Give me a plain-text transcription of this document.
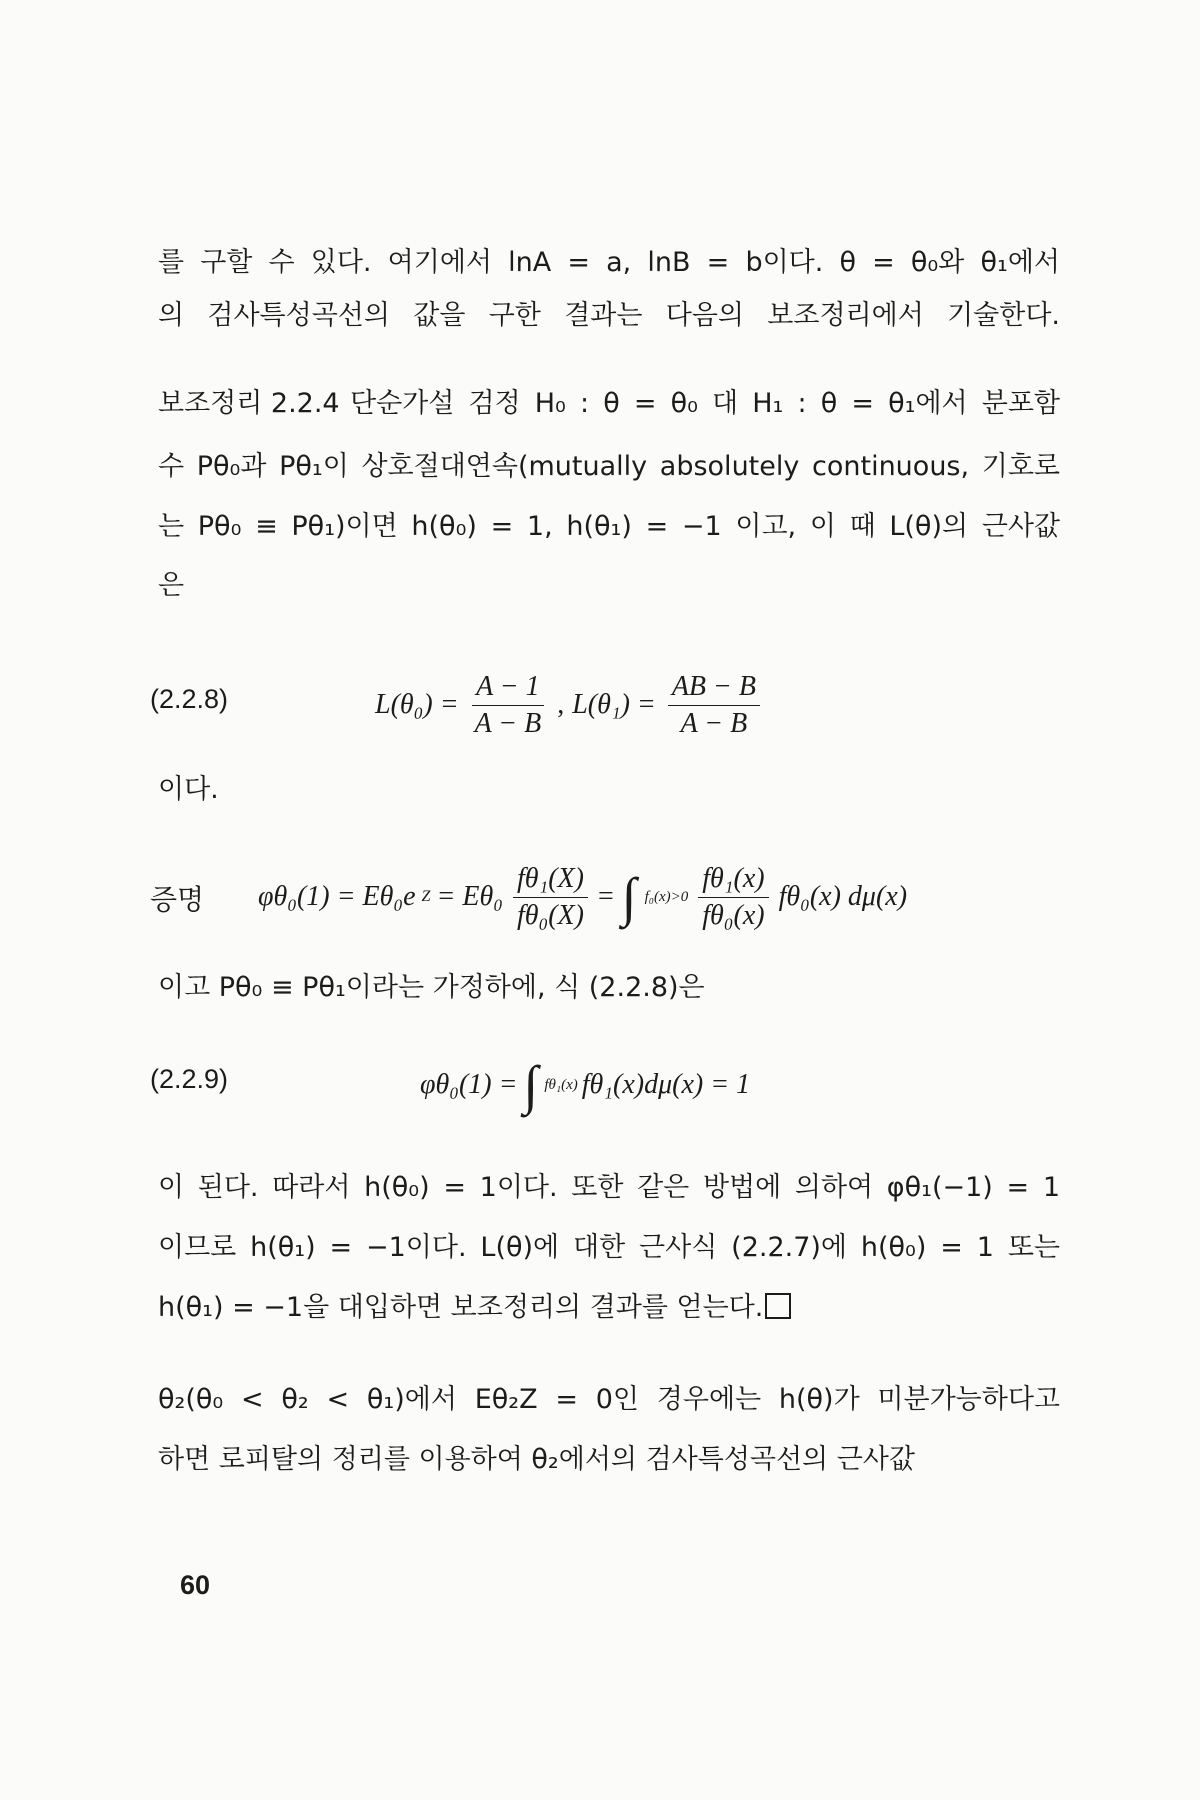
를 구할 수 있다. 여기에서 lnA = a, lnB = b이다. θ = θ₀와 θ₁에서
의 검사특성곡선의 값을 구한 결과는 다음의 보조정리에서 기술한다.
보조정리 2.2.4 단순가설 검정 H₀ : θ = θ₀ 대 H₁ : θ = θ₁에서 분포함
수 Pθ₀과 Pθ₁이 상호절대연속(mutually absolutely continuous, 기호로
는 Pθ₀ ≡ Pθ₁)이면 h(θ₀) = 1, h(θ₁) = −1 이고, 이 때 L(θ)의 근사값
은
(2.2.8)	$L(\theta_0) = \frac{A - 1}{A - B}$ , $L(\theta_1) = \frac{AB - B}{A - B}$
이다.
증명 φθ₀(1) = Eθ₀e $Z = E\theta_0 \frac{\text{fθ₁(X)}}{\text{fθ₀(X)}}$ = ∫ $f_0(x)>0 \frac{\text{fθ₁(x)}}{\text{fθ₀(x)}} f\theta_0(x)$ dμ(x)
이고 Pθ₀ ≡ Pθ₁이라는 가정하에, 식 (2.2.8)은
(2.2.9)	φθ₀(1) = ∫ fθ₁(x) fθ₁(x)dμ(x) = 1
이 된다. 따라서 h(θ₀) = 1이다. 또한 같은 방법에 의하여 φθ₁(−1) = 1
이므로 h(θ₁) = −1이다. L(θ)에 대한 근사식 (2.2.7)에 h(θ₀) = 1 또는
h(θ₁) = −1을 대입하면 보조정리의 결과를 얻는다.
θ₂(θ₀ < θ₂ < θ₁)에서 Eθ₂Z = 0인 경우에는 h(θ)가 미분가능하다고
하면 로피탈의 정리를 이용하여 θ₂에서의 검사특성곡선의 근사값
60
